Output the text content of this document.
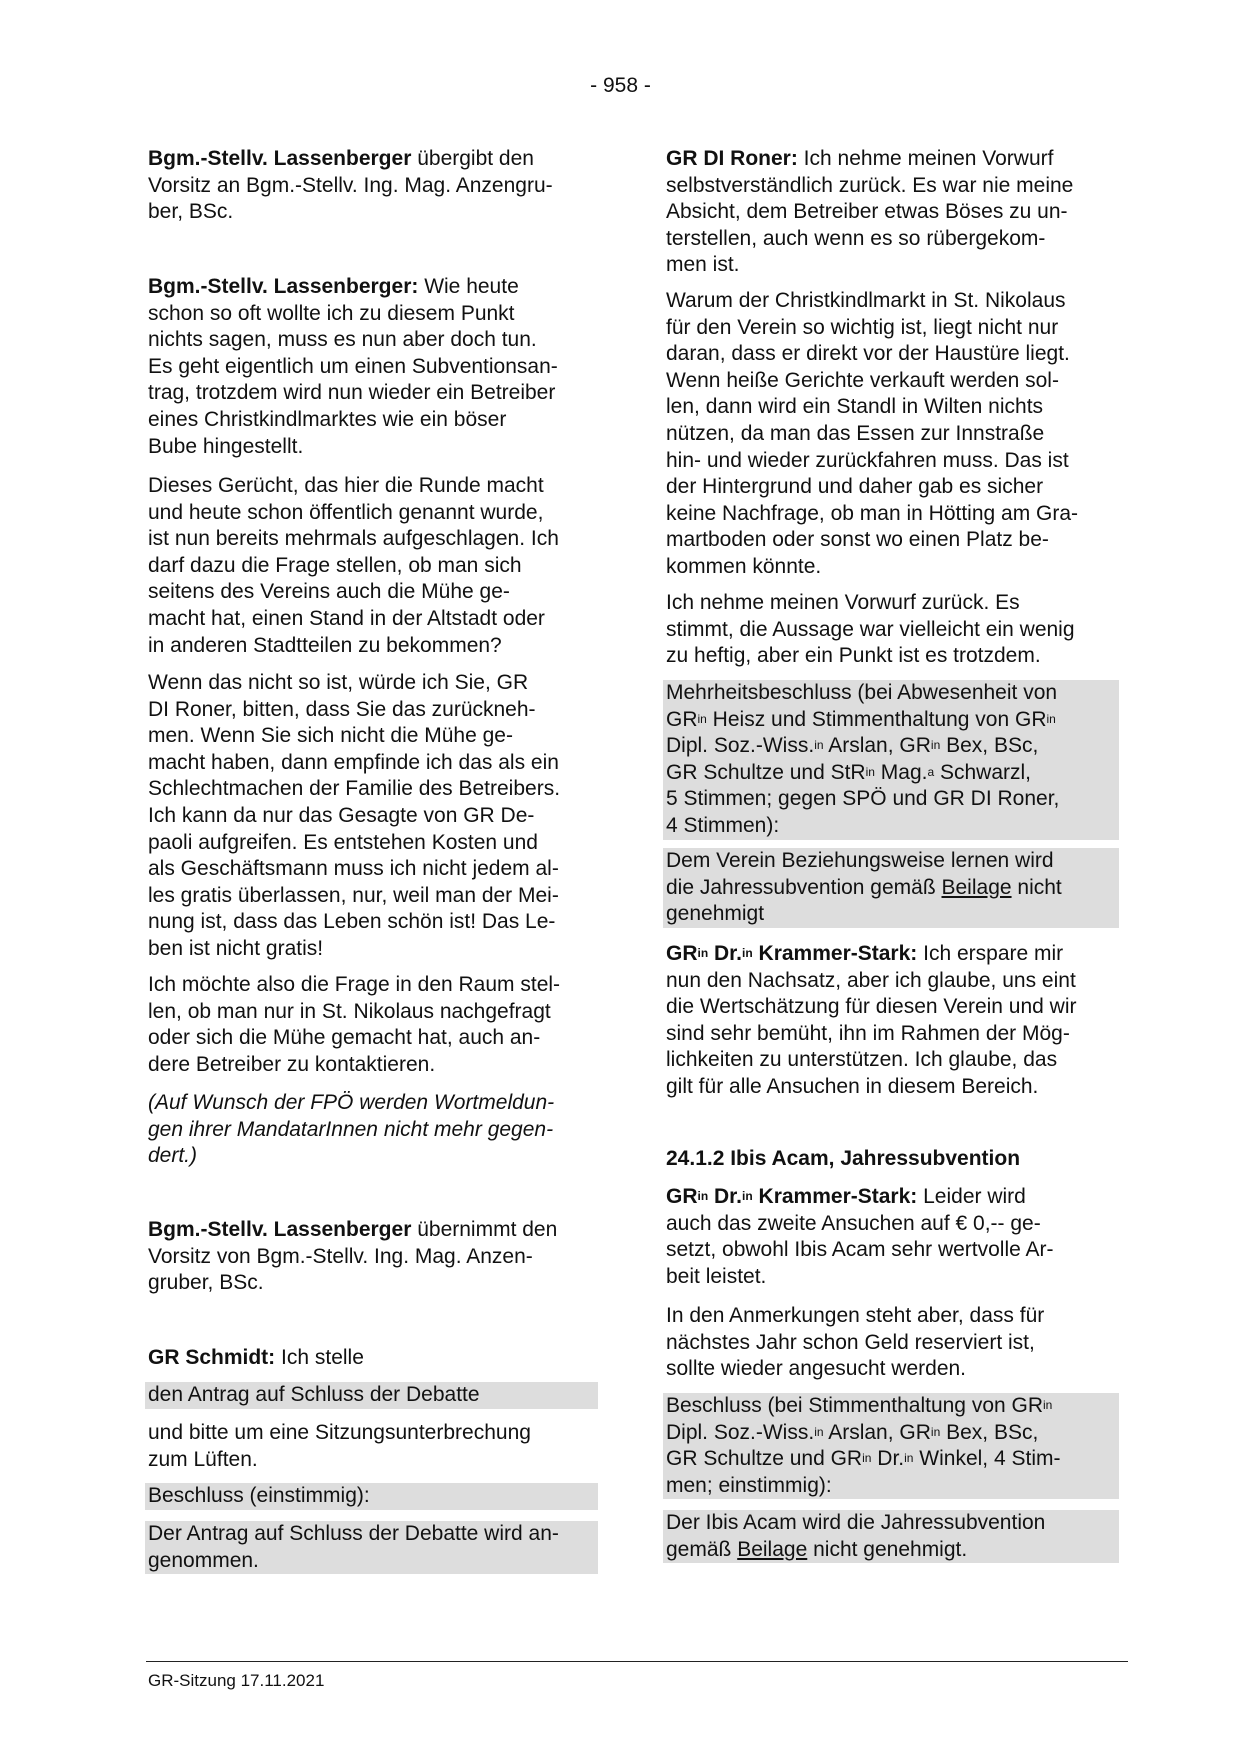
- 958 -
Bgm.-Stellv. Lassenberger übergibt den
Vorsitz an Bgm.-Stellv. Ing. Mag. Anzengru-
ber, BSc.
Bgm.-Stellv. Lassenberger: Wie heute
schon so oft wollte ich zu diesem Punkt
nichts sagen, muss es nun aber doch tun.
Es geht eigentlich um einen Subventionsan-
trag, trotzdem wird nun wieder ein Betreiber
eines Christkindlmarktes wie ein böser
Bube hingestellt.
Dieses Gerücht, das hier die Runde macht
und heute schon öffentlich genannt wurde,
ist nun bereits mehrmals aufgeschlagen. Ich
darf dazu die Frage stellen, ob man sich
seitens des Vereins auch die Mühe ge-
macht hat, einen Stand in der Altstadt oder
in anderen Stadtteilen zu bekommen?
Wenn das nicht so ist, würde ich Sie, GR
DI Roner, bitten, dass Sie das zurückneh-
men. Wenn Sie sich nicht die Mühe ge-
macht haben, dann empfinde ich das als ein
Schlechtmachen der Familie des Betreibers.
Ich kann da nur das Gesagte von GR De-
paoli aufgreifen. Es entstehen Kosten und
als Geschäftsmann muss ich nicht jedem al-
les gratis überlassen, nur, weil man der Mei-
nung ist, dass das Leben schön ist! Das Le-
ben ist nicht gratis!
Ich möchte also die Frage in den Raum stel-
len, ob man nur in St. Nikolaus nachgefragt
oder sich die Mühe gemacht hat, auch an-
dere Betreiber zu kontaktieren.
(Auf Wunsch der FPÖ werden Wortmeldun-
gen ihrer MandatarInnen nicht mehr gegen-
dert.)
Bgm.-Stellv. Lassenberger übernimmt den
Vorsitz von Bgm.-Stellv. Ing. Mag. Anzen-
gruber, BSc.
GR Schmidt: Ich stelle
den Antrag auf Schluss der Debatte
und bitte um eine Sitzungsunterbrechung
zum Lüften.
Beschluss (einstimmig):
Der Antrag auf Schluss der Debatte wird an-
genommen.
GR DI Roner: Ich nehme meinen Vorwurf
selbstverständlich zurück. Es war nie meine
Absicht, dem Betreiber etwas Böses zu un-
terstellen, auch wenn es so rübergekom-
men ist.
Warum der Christkindlmarkt in St. Nikolaus
für den Verein so wichtig ist, liegt nicht nur
daran, dass er direkt vor der Haustüre liegt.
Wenn heiße Gerichte verkauft werden sol-
len, dann wird ein Standl in Wilten nichts
nützen, da man das Essen zur Innstraße
hin- und wieder zurückfahren muss. Das ist
der Hintergrund und daher gab es sicher
keine Nachfrage, ob man in Hötting am Gra-
martboden oder sonst wo einen Platz be-
kommen könnte.
Ich nehme meinen Vorwurf zurück. Es
stimmt, die Aussage war vielleicht ein wenig
zu heftig, aber ein Punkt ist es trotzdem.
Mehrheitsbeschluss (bei Abwesenheit von
$GR^{in}$ Heisz und Stimmenthaltung von $GR^{in}$
Dipl. Soz.-Wiss.$^{in}$ Arslan, $GR^{in}$ Bex, BSc,
GR Schultze und StR$^{in}$ Mag.$^a$ Schwarzl,
5 Stimmen; gegen SPÖ und GR DI Roner,
4 Stimmen):
Dem Verein Beziehungsweise lernen wird
die Jahressubvention gemäß Beilage nicht
genehmigt
$GR^{in}$ Dr.$^{in}$ Krammer-Stark: Ich erspare mir
nun den Nachsatz, aber ich glaube, uns eint
die Wertschätzung für diesen Verein und wir
sind sehr bemüht, ihn im Rahmen der Mög-
lichkeiten zu unterstützen. Ich glaube, das
gilt für alle Ansuchen in diesem Bereich.
24.1.2 Ibis Acam, Jahressubvention
$GR^{in}$ Dr.$^{in}$ Krammer-Stark: Leider wird
auch das zweite Ansuchen auf € 0,-- ge-
setzt, obwohl Ibis Acam sehr wertvolle Ar-
beit leistet.
In den Anmerkungen steht aber, dass für
nächstes Jahr schon Geld reserviert ist,
sollte wieder angesucht werden.
Beschluss (bei Stimmenthaltung von $GR^{in}$
Dipl. Soz.-Wiss.$^{in}$ Arslan, $GR^{in}$ Bex, BSc,
GR Schultze und $GR^{in}$ Dr.$^{in}$ Winkel, 4 Stim-
men; einstimmig):
Der Ibis Acam wird die Jahressubvention
gemäß Beilage nicht genehmigt.
GR-Sitzung 17.11.2021
